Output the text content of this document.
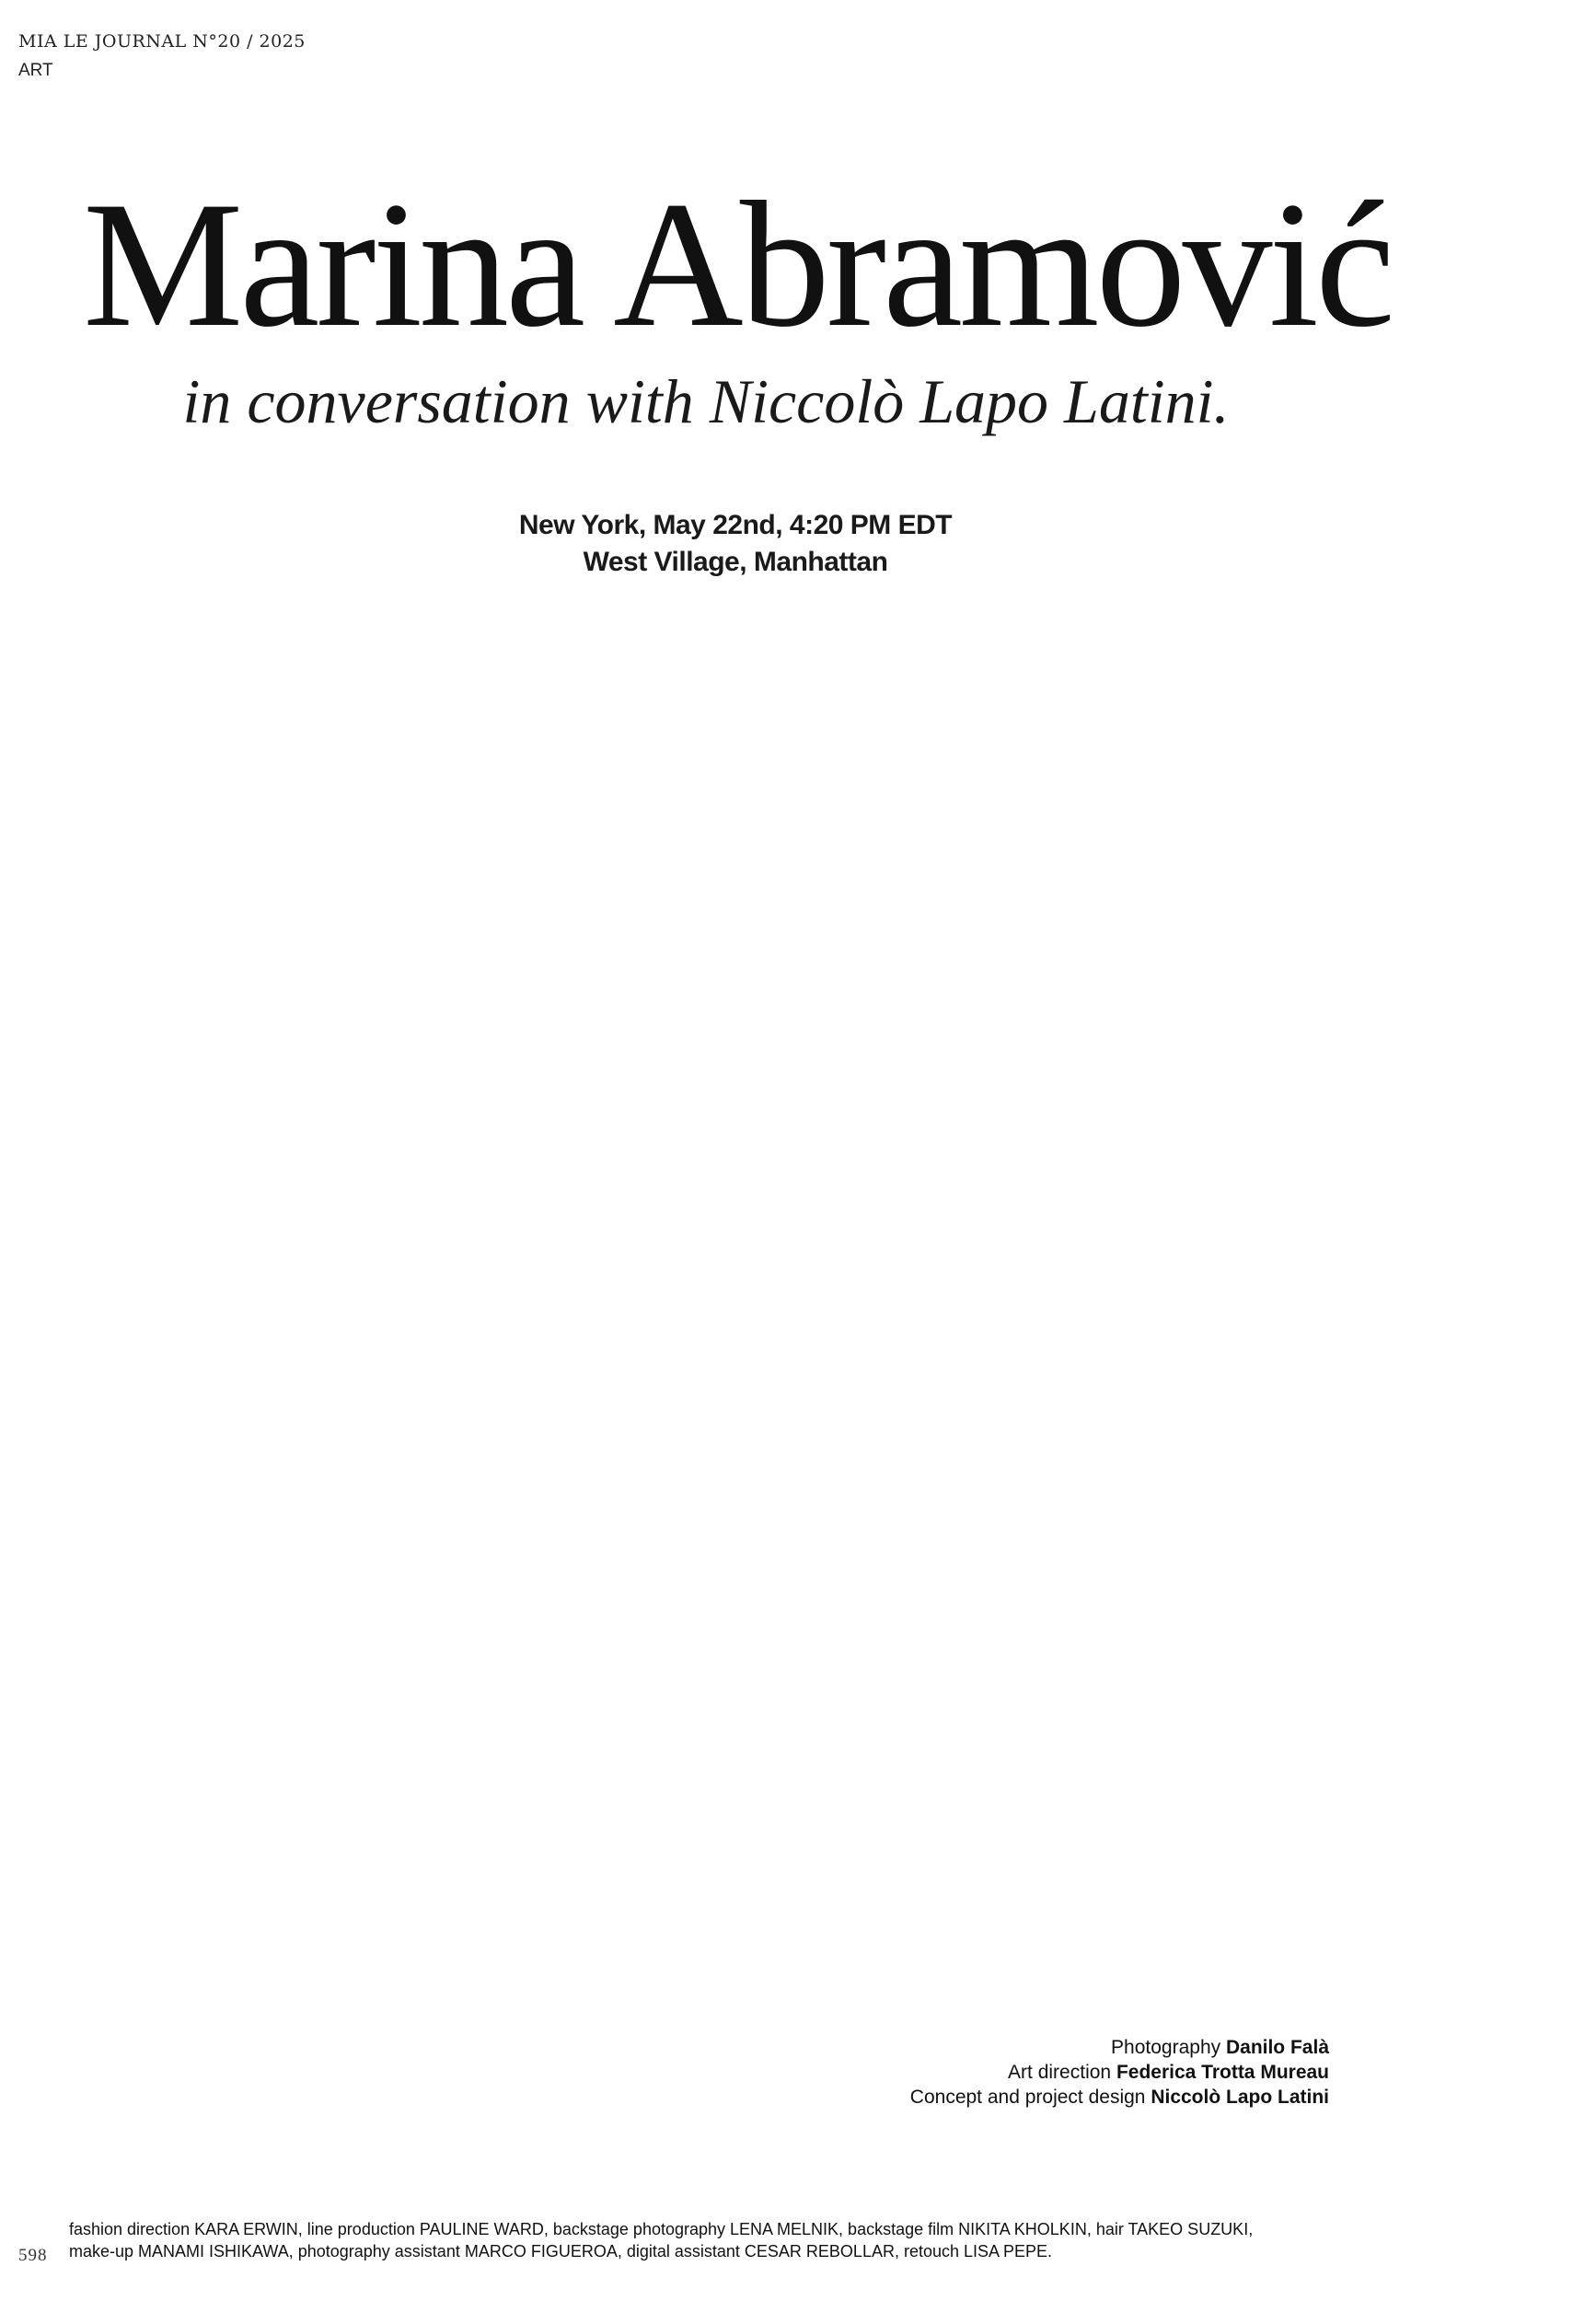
MIA LE JOURNAL N°20 / 2025
ART
Marina Abramović
in conversation with Niccolò Lapo Latini.
New York, May 22nd, 4:20 PM EDT
West Village, Manhattan
Photography Danilo Falà
Art direction Federica Trotta Mureau
Concept and project design Niccolò Lapo Latini
598
fashion direction KARA ERWIN, line production PAULINE WARD, backstage photography LENA MELNIK, backstage film NIKITA KHOLKIN, hair TAKEO SUZUKI,
make-up MANAMI ISHIKAWA, photography assistant MARCO FIGUEROA, digital assistant CESAR REBOLLAR, retouch LISA PEPE.
